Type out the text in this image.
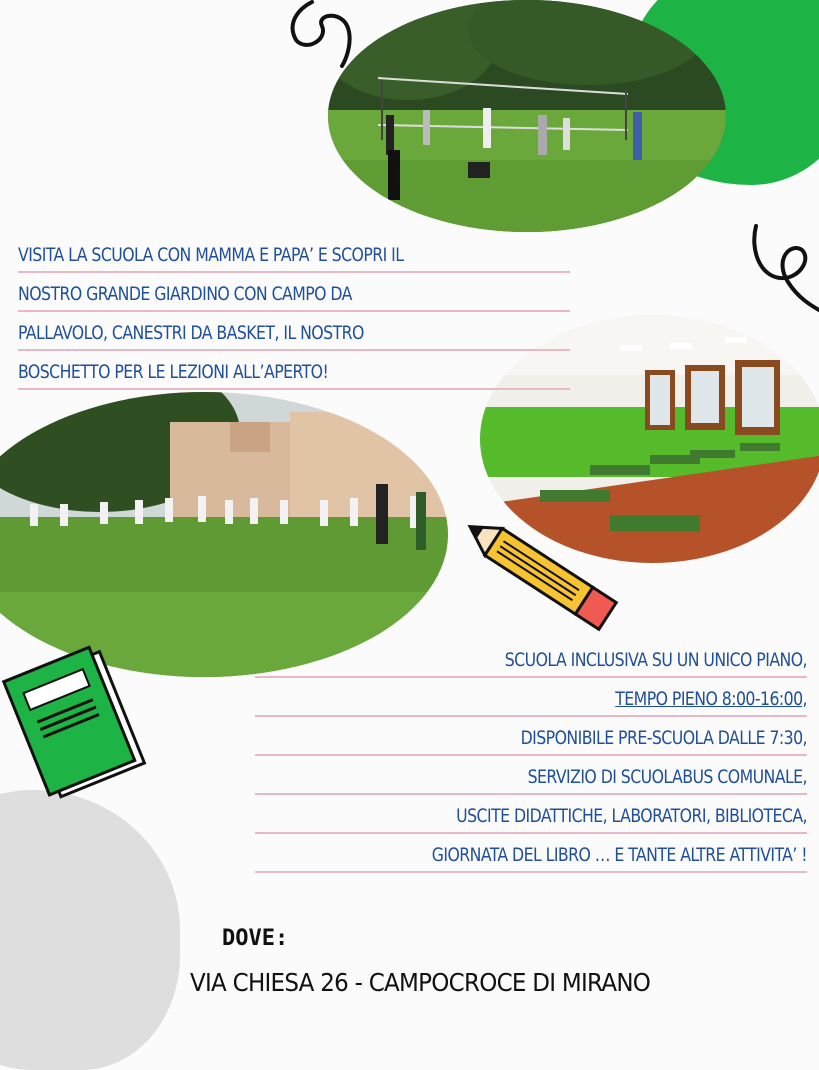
VISITA LA SCUOLA CON MAMMA E PAPA’ E SCOPRI IL
NOSTRO GRANDE GIARDINO CON CAMPO DA
PALLAVOLO, CANESTRI DA BASKET, IL NOSTRO
BOSCHETTO PER LE LEZIONI ALL’APERTO!
SCUOLA INCLUSIVA SU UN UNICO PIANO,
TEMPO PIENO 8:00-16:00,
DISPONIBILE PRE-SCUOLA DALLE 7:30,
SERVIZIO DI SCUOLABUS COMUNALE,
USCITE DIDATTICHE, LABORATORI, BIBLIOTECA,
GIORNATA DEL LIBRO … E TANTE ALTRE ATTIVITA’ !
DOVE:
VIA CHIESA 26 - CAMPOCROCE DI MIRANO
